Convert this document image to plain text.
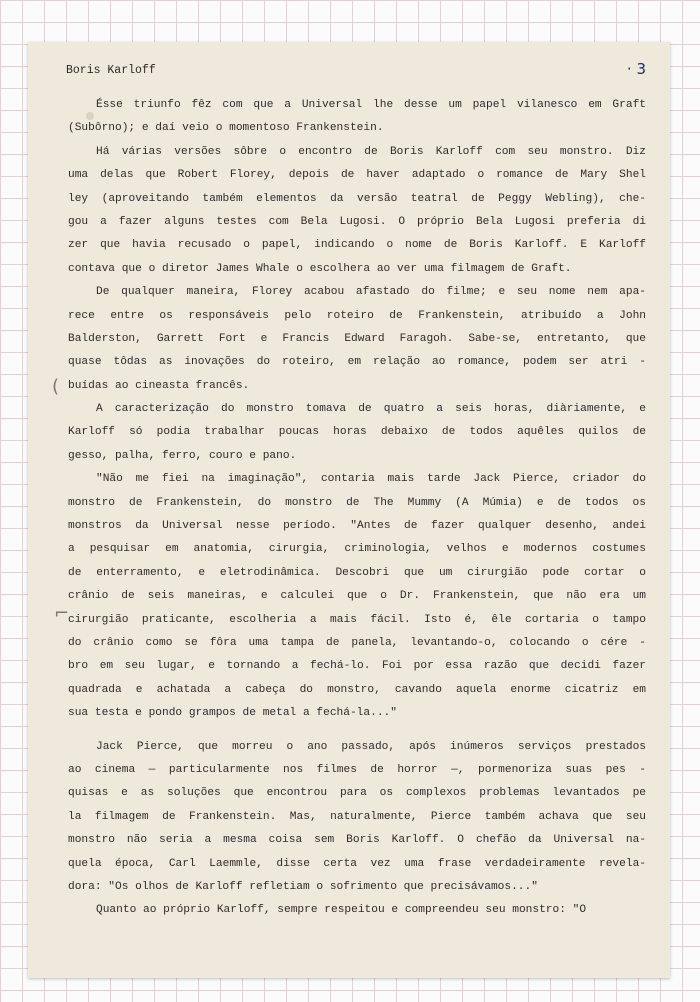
Boris Karloff	· 3
Ésse triunfo fêz com que a Universal lhe desse um papel vilanesco em Graft
(Subôrno); e daí veio o momentoso Frankenstein.
Há várias versões sôbre o encontro de Boris Karloff com seu monstro. Diz
uma delas que Robert Florey, depois de haver adaptado o romance de Mary Shel
ley (aproveitando também elementos da versão teatral de Peggy Webling), che-
gou a fazer alguns testes com Bela Lugosi. O próprio Bela Lugosi preferia di
zer que havia recusado o papel, indicando o nome de Boris Karloff. E Karloff
contava que o diretor James Whale o escolhera ao ver uma filmagem de Graft.
De qualquer maneira, Florey acabou afastado do filme; e seu nome nem apa-
rece entre os responsáveis pelo roteiro de Frankenstein, atribuído a John
Balderston, Garrett Fort e Francis Edward Faragoh. Sabe-se, entretanto, que
quase tôdas as inovações do roteiro, em relação ao romance, podem ser atri -
buídas ao cineasta francês.
A caracterização do monstro tomava de quatro a seis horas, diàriamente, e
Karloff só podia trabalhar poucas horas debaixo de todos aquêles quilos de
gesso, palha, ferro, couro e pano.
"Não me fiei na imaginação", contaria mais tarde Jack Pierce, criador do
monstro de Frankenstein, do monstro de The Mummy (A Múmia) e de todos os
monstros da Universal nesse período. "Antes de fazer qualquer desenho, andei
a pesquisar em anatomia, cirurgia, criminologia, velhos e modernos costumes
de enterramento, e eletrodinâmica. Descobri que um cirurgião pode cortar o
crânio de seis maneiras, e calculei que o Dr. Frankenstein, que não era um
cirurgião praticante, escolheria a mais fácil. Isto é, êle cortaria o tampo
do crânio como se fôra uma tampa de panela, levantando-o, colocando o cére -
bro em seu lugar, e tornando a fechá-lo. Foi por essa razão que decidi fazer
quadrada e achatada a cabeça do monstro, cavando aquela enorme cicatriz em
sua testa e pondo grampos de metal a fechá-la..."
Jack Pierce, que morreu o ano passado, após inúmeros serviços prestados
ao cinema — particularmente nos filmes de horror —, pormenoriza suas pes -
quisas e as soluções que encontrou para os complexos problemas levantados pe
la filmagem de Frankenstein. Mas, naturalmente, Pierce também achava que seu
monstro não seria a mesma coisa sem Boris Karloff. O chefão da Universal na-
quela época, Carl Laemmle, disse certa vez uma frase verdadeiramente revela-
dora: "Os olhos de Karloff refletiam o sofrimento que precisávamos..."
Quanto ao próprio Karloff, sempre respeitou e compreendeu seu monstro: "O
(
⌐
